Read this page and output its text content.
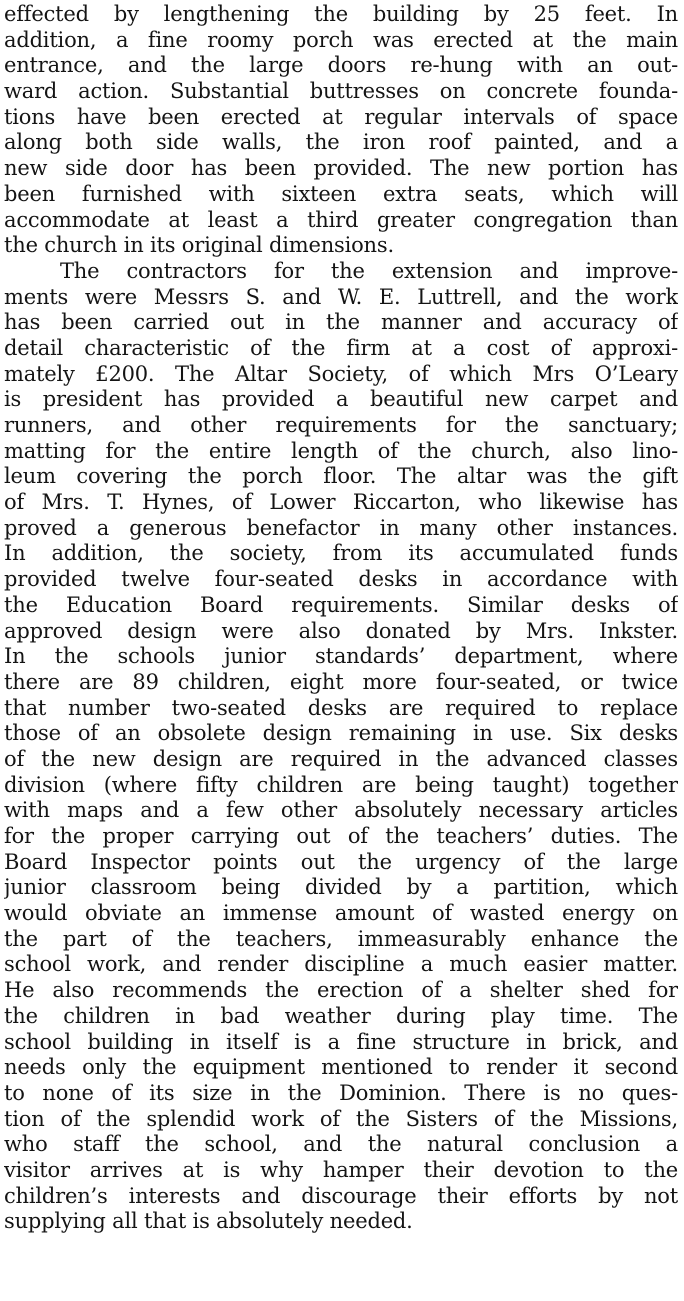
effected by lengthening the building by 25 feet. In
addition, a fine roomy porch was erected at the main
entrance, and the large doors re-hung with an out-
ward action. Substantial buttresses on concrete founda-
tions have been erected at regular intervals of space
along both side walls, the iron roof painted, and a
new side door has been provided. The new portion has
been furnished with sixteen extra seats, which will
accommodate at least a third greater congregation than
the church in its original dimensions.
The contractors for the extension and improve-
ments were Messrs S. and W. E. Luttrell, and the work
has been carried out in the manner and accuracy of
detail characteristic of the firm at a cost of approxi-
mately £200. The Altar Society, of which Mrs O’Leary
is president has provided a beautiful new carpet and
runners, and other requirements for the sanctuary;
matting for the entire length of the church, also lino-
leum covering the porch floor. The altar was the gift
of Mrs. T. Hynes, of Lower Riccarton, who likewise has
proved a generous benefactor in many other instances.
In addition, the society, from its accumulated funds
provided twelve four-seated desks in accordance with
the Education Board requirements. Similar desks of
approved design were also donated by Mrs. Inkster.
In the schools junior standards’ department, where
there are 89 children, eight more four-seated, or twice
that number two-seated desks are required to replace
those of an obsolete design remaining in use. Six desks
of the new design are required in the advanced classes
division (where fifty children are being taught) together
with maps and a few other absolutely necessary articles
for the proper carrying out of the teachers’ duties. The
Board Inspector points out the urgency of the large
junior classroom being divided by a partition, which
would obviate an immense amount of wasted energy on
the part of the teachers, immeasurably enhance the
school work, and render discipline a much easier matter.
He also recommends the erection of a shelter shed for
the children in bad weather during play time. The
school building in itself is a fine structure in brick, and
needs only the equipment mentioned to render it second
to none of its size in the Dominion. There is no ques-
tion of the splendid work of the Sisters of the Missions,
who staff the school, and the natural conclusion a
visitor arrives at is why hamper their devotion to the
children’s interests and discourage their efforts by not
supplying all that is absolutely needed.
